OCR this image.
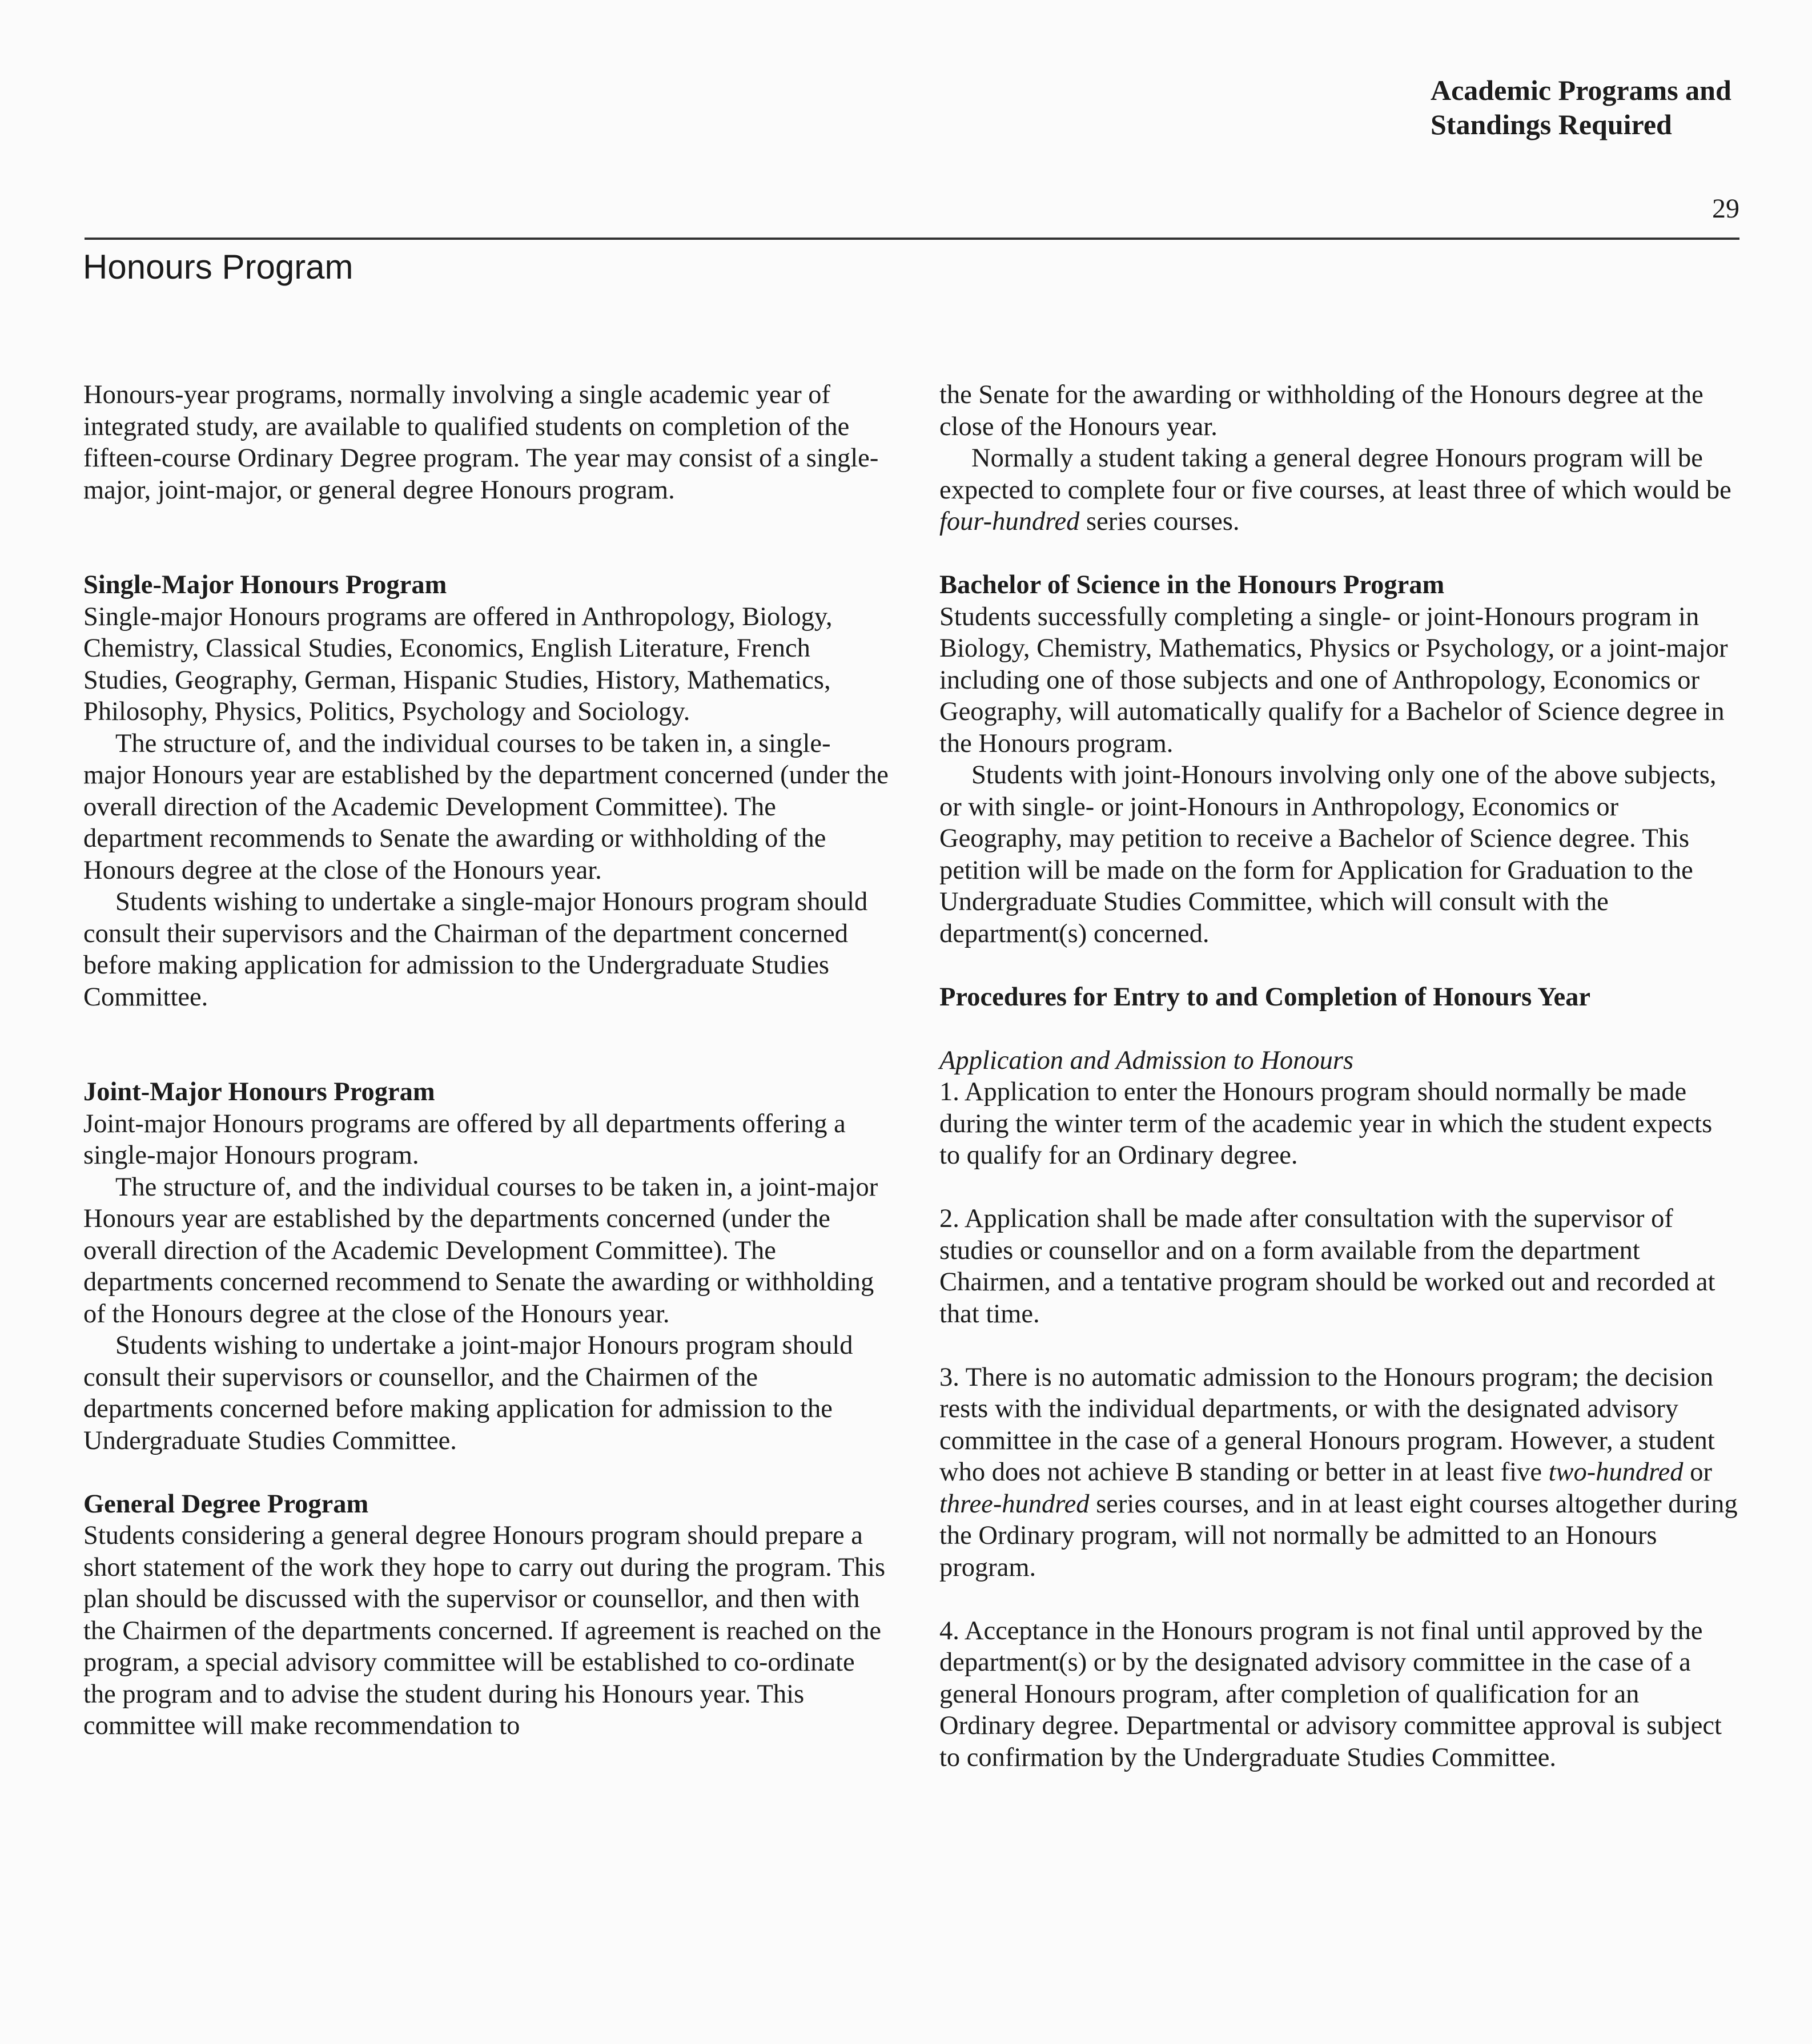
Academic Programs and
Standings Required
29
Honours Program

Honours-year programs, normally involving a single academic year of integrated study, are available to qualified students on completion of the fifteen-course Ordinary Degree program. The year may consist of a single-major, joint-major, or general degree Honours program.

Single-Major Honours Program

Single-major Honours programs are offered in Anthropology, Biology, Chemistry, Classical Studies, Economics, English Literature, French Studies, Geography, German, Hispanic Studies, History, Mathematics, Philosophy, Physics, Politics, Psychology and Sociology.

The structure of, and the individual courses to be taken in, a single-major Honours year are established by the department concerned (under the overall direction of the Academic Development Committee). The department recommends to Senate the awarding or withholding of the Honours degree at the close of the Honours year.

Students wishing to undertake a single-major Honours program should consult their supervisors and the Chairman of the department concerned before making application for admission to the Undergraduate Studies Committee.

Joint-Major Honours Program

Joint-major Honours programs are offered by all departments offering a single-major Honours program.

The structure of, and the individual courses to be taken in, a joint-major Honours year are established by the departments concerned (under the overall direction of the Academic Development Committee). The departments concerned recommend to Senate the awarding or withholding of the Honours degree at the close of the Honours year.

Students wishing to undertake a joint-major Honours program should consult their supervisors or counsellor, and the Chairmen of the departments concerned before making application for admission to the Undergraduate Studies Committee.

General Degree Program

Students considering a general degree Honours program should prepare a short statement of the work they hope to carry out during the program. This plan should be discussed with the supervisor or counsellor, and then with the Chairmen of the departments concerned. If agreement is reached on the program, a special advisory committee will be established to co-ordinate the program and to advise the student during his Honours year. This committee will make recommendation to

the Senate for the awarding or withholding of the Honours degree at the close of the Honours year.

Normally a student taking a general degree Honours program will be expected to complete four or five courses, at least three of which would be four-hundred series courses.

Bachelor of Science in the Honours Program

Students successfully completing a single- or joint-Honours program in Biology, Chemistry, Mathematics, Physics or Psychology, or a joint-major including one of those subjects and one of Anthropology, Economics or Geography, will automatically qualify for a Bachelor of Science degree in the Honours program.

Students with joint-Honours involving only one of the above subjects, or with single- or joint-Honours in Anthropology, Economics or Geography, may petition to receive a Bachelor of Science degree. This petition will be made on the form for Application for Graduation to the Undergraduate Studies Committee, which will consult with the department(s) concerned.

Procedures for Entry to and Completion of Honours Year

Application and Admission to Honours

1. Application to enter the Honours program should normally be made during the winter term of the academic year in which the student expects to qualify for an Ordinary degree.

2. Application shall be made after consultation with the supervisor of studies or counsellor and on a form available from the department Chairmen, and a tentative program should be worked out and recorded at that time.

3. There is no automatic admission to the Honours program; the decision rests with the individual departments, or with the designated advisory committee in the case of a general Honours program. However, a student who does not achieve B standing or better in at least five two-hundred or three-hundred series courses, and in at least eight courses altogether during the Ordinary program, will not normally be admitted to an Honours program.

4. Acceptance in the Honours program is not final until approved by the department(s) or by the designated advisory committee in the case of a general Honours program, after completion of qualification for an Ordinary degree. Departmental or advisory committee approval is subject to confirmation by the Undergraduate Studies Committee.
